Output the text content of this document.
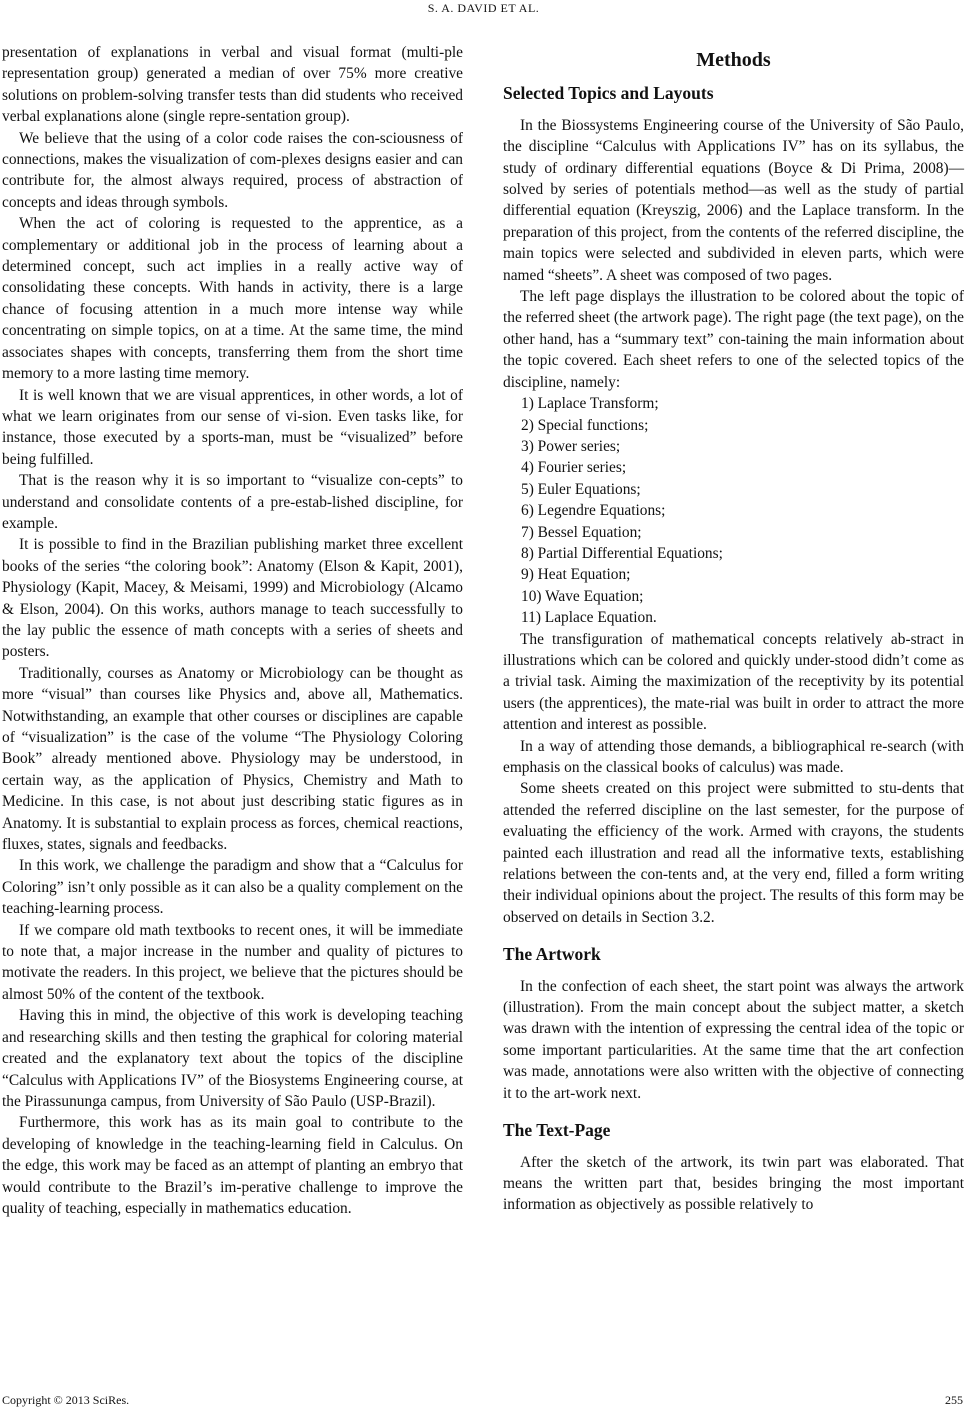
S. A. DAVID ET AL.

presentation of explanations in verbal and visual format (multi-ple representation group) generated a median of over 75% more creative solutions on problem-solving transfer tests than did students who received verbal explanations alone (single repre-sentation group).

We believe that the using of a color code raises the con-sciousness of connections, makes the visualization of com-plexes designs easier and can contribute for, the almost always required, process of abstraction of concepts and ideas through symbols.

When the act of coloring is requested to the apprentice, as a complementary or additional job in the process of learning about a determined concept, such act implies in a really active way of consolidating these concepts. With hands in activity, there is a large chance of focusing attention in a much more intense way while concentrating on simple topics, on at a time. At the same time, the mind associates shapes with concepts, transferring them from the short time memory to a more lasting time memory.

It is well known that we are visual apprentices, in other words, a lot of what we learn originates from our sense of vi-sion. Even tasks like, for instance, those executed by a sports-man, must be “visualized” before being fulfilled.

That is the reason why it is so important to “visualize con-cepts” to understand and consolidate contents of a pre-estab-lished discipline, for example.

It is possible to find in the Brazilian publishing market three excellent books of the series “the coloring book”: Anatomy (Elson & Kapit, 2001), Physiology (Kapit, Macey, & Meisami, 1999) and Microbiology (Alcamo & Elson, 2004). On this works, authors manage to teach successfully to the lay public the essence of math concepts with a series of sheets and posters.

Traditionally, courses as Anatomy or Microbiology can be thought as more “visual” than courses like Physics and, above all, Mathematics. Notwithstanding, an example that other courses or disciplines are capable of “visualization” is the case of the volume “The Physiology Coloring Book” already mentioned above. Physiology may be understood, in certain way, as the application of Physics, Chemistry and Math to Medicine. In this case, is not about just describing static figures as in Anatomy. It is substantial to explain process as forces, chemical reactions, fluxes, states, signals and feedbacks.

In this work, we challenge the paradigm and show that a “Calculus for Coloring” isn’t only possible as it can also be a quality complement on the teaching-learning process.

If we compare old math textbooks to recent ones, it will be immediate to note that, a major increase in the number and quality of pictures to motivate the readers. In this project, we believe that the pictures should be almost 50% of the content of the textbook.

Having this in mind, the objective of this work is developing teaching and researching skills and then testing the graphical for coloring material created and the explanatory text about the topics of the discipline “Calculus with Applications IV” of the Biosystems Engineering course, at the Pirassununga campus, from University of São Paulo (USP-Brazil).

Furthermore, this work has as its main goal to contribute to the developing of knowledge in the teaching-learning field in Calculus. On the edge, this work may be faced as an attempt of planting an embryo that would contribute to the Brazil’s im-perative challenge to improve the quality of teaching, especially in mathematics education.

Methods
Selected Topics and Layouts

In the Biossystems Engineering course of the University of São Paulo, the discipline “Calculus with Applications IV” has on its syllabus, the study of ordinary differential equations (Boyce & Di Prima, 2008)—solved by series of potentials method—as well as the study of partial differential equation (Kreyszig, 2006) and the Laplace transform. In the preparation of this project, from the contents of the referred discipline, the main topics were selected and subdivided in eleven parts, which were named “sheets”. A sheet was composed of two pages.

The left page displays the illustration to be colored about the topic of the referred sheet (the artwork page). The right page (the text page), on the other hand, has a “summary text” con-taining the main information about the topic covered. Each sheet refers to one of the selected topics of the discipline, namely:

1) Laplace Transform;
2) Special functions;
3) Power series;
4) Fourier series;
5) Euler Equations;
6) Legendre Equations;
7) Bessel Equation;
8) Partial Differential Equations;
9) Heat Equation;
10) Wave Equation;
11) Laplace Equation.

The transfiguration of mathematical concepts relatively ab-stract in illustrations which can be colored and quickly under-stood didn’t come as a trivial task. Aiming the maximization of the receptivity by its potential users (the apprentices), the mate-rial was built in order to attract the more attention and interest as possible.

In a way of attending those demands, a bibliographical re-search (with emphasis on the classical books of calculus) was made.

Some sheets created on this project were submitted to stu-dents that attended the referred discipline on the last semester, for the purpose of evaluating the efficiency of the work. Armed with crayons, the students painted each illustration and read all the informative texts, establishing relations between the con-tents and, at the very end, filled a form writing their individual opinions about the project. The results of this form may be observed on details in Section 3.2.

The Artwork

In the confection of each sheet, the start point was always the artwork (illustration). From the main concept about the subject matter, a sketch was drawn with the intention of expressing the central idea of the topic or some important particularities. At the same time that the art confection was made, annotations were also written with the objective of connecting it to the art-work next.

The Text-Page

After the sketch of the artwork, its twin part was elaborated. That means the written part that, besides bringing the most important information as objectively as possible relatively to

Copyright © 2013 SciRes.	255
